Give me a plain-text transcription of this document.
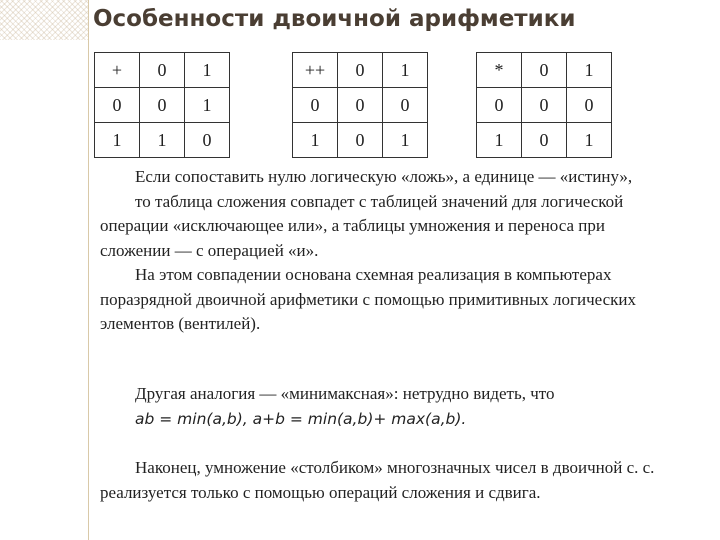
Особенности двоичной арифметики
+	0	1
0	0	1
1	1	0
++	0	1
0	0	0
1	0	1
*	0	1
0	0	0
1	0	1

Если сопоставить нулю логическую «ложь», а единице — «истину»,

то таблица сложения совпадет с таблицей значений для логической операции «исключающее или», а таблицы умножения и переноса при сложении — с операцией «и».

На этом совпадении основана схемная реализация в компьютерах поразрядной двоичной арифметики с помощью примитивных логических элементов (вентилей).

Другая аналогия — «минимаксная»: нетрудно видеть, что

ab = min(a,b), a+b = min(a,b)+ max(a,b).

Наконец, умножение «столбиком» многозначных чисел в двоичной с. с. реализуется только с помощью операций сложения и сдвига.
